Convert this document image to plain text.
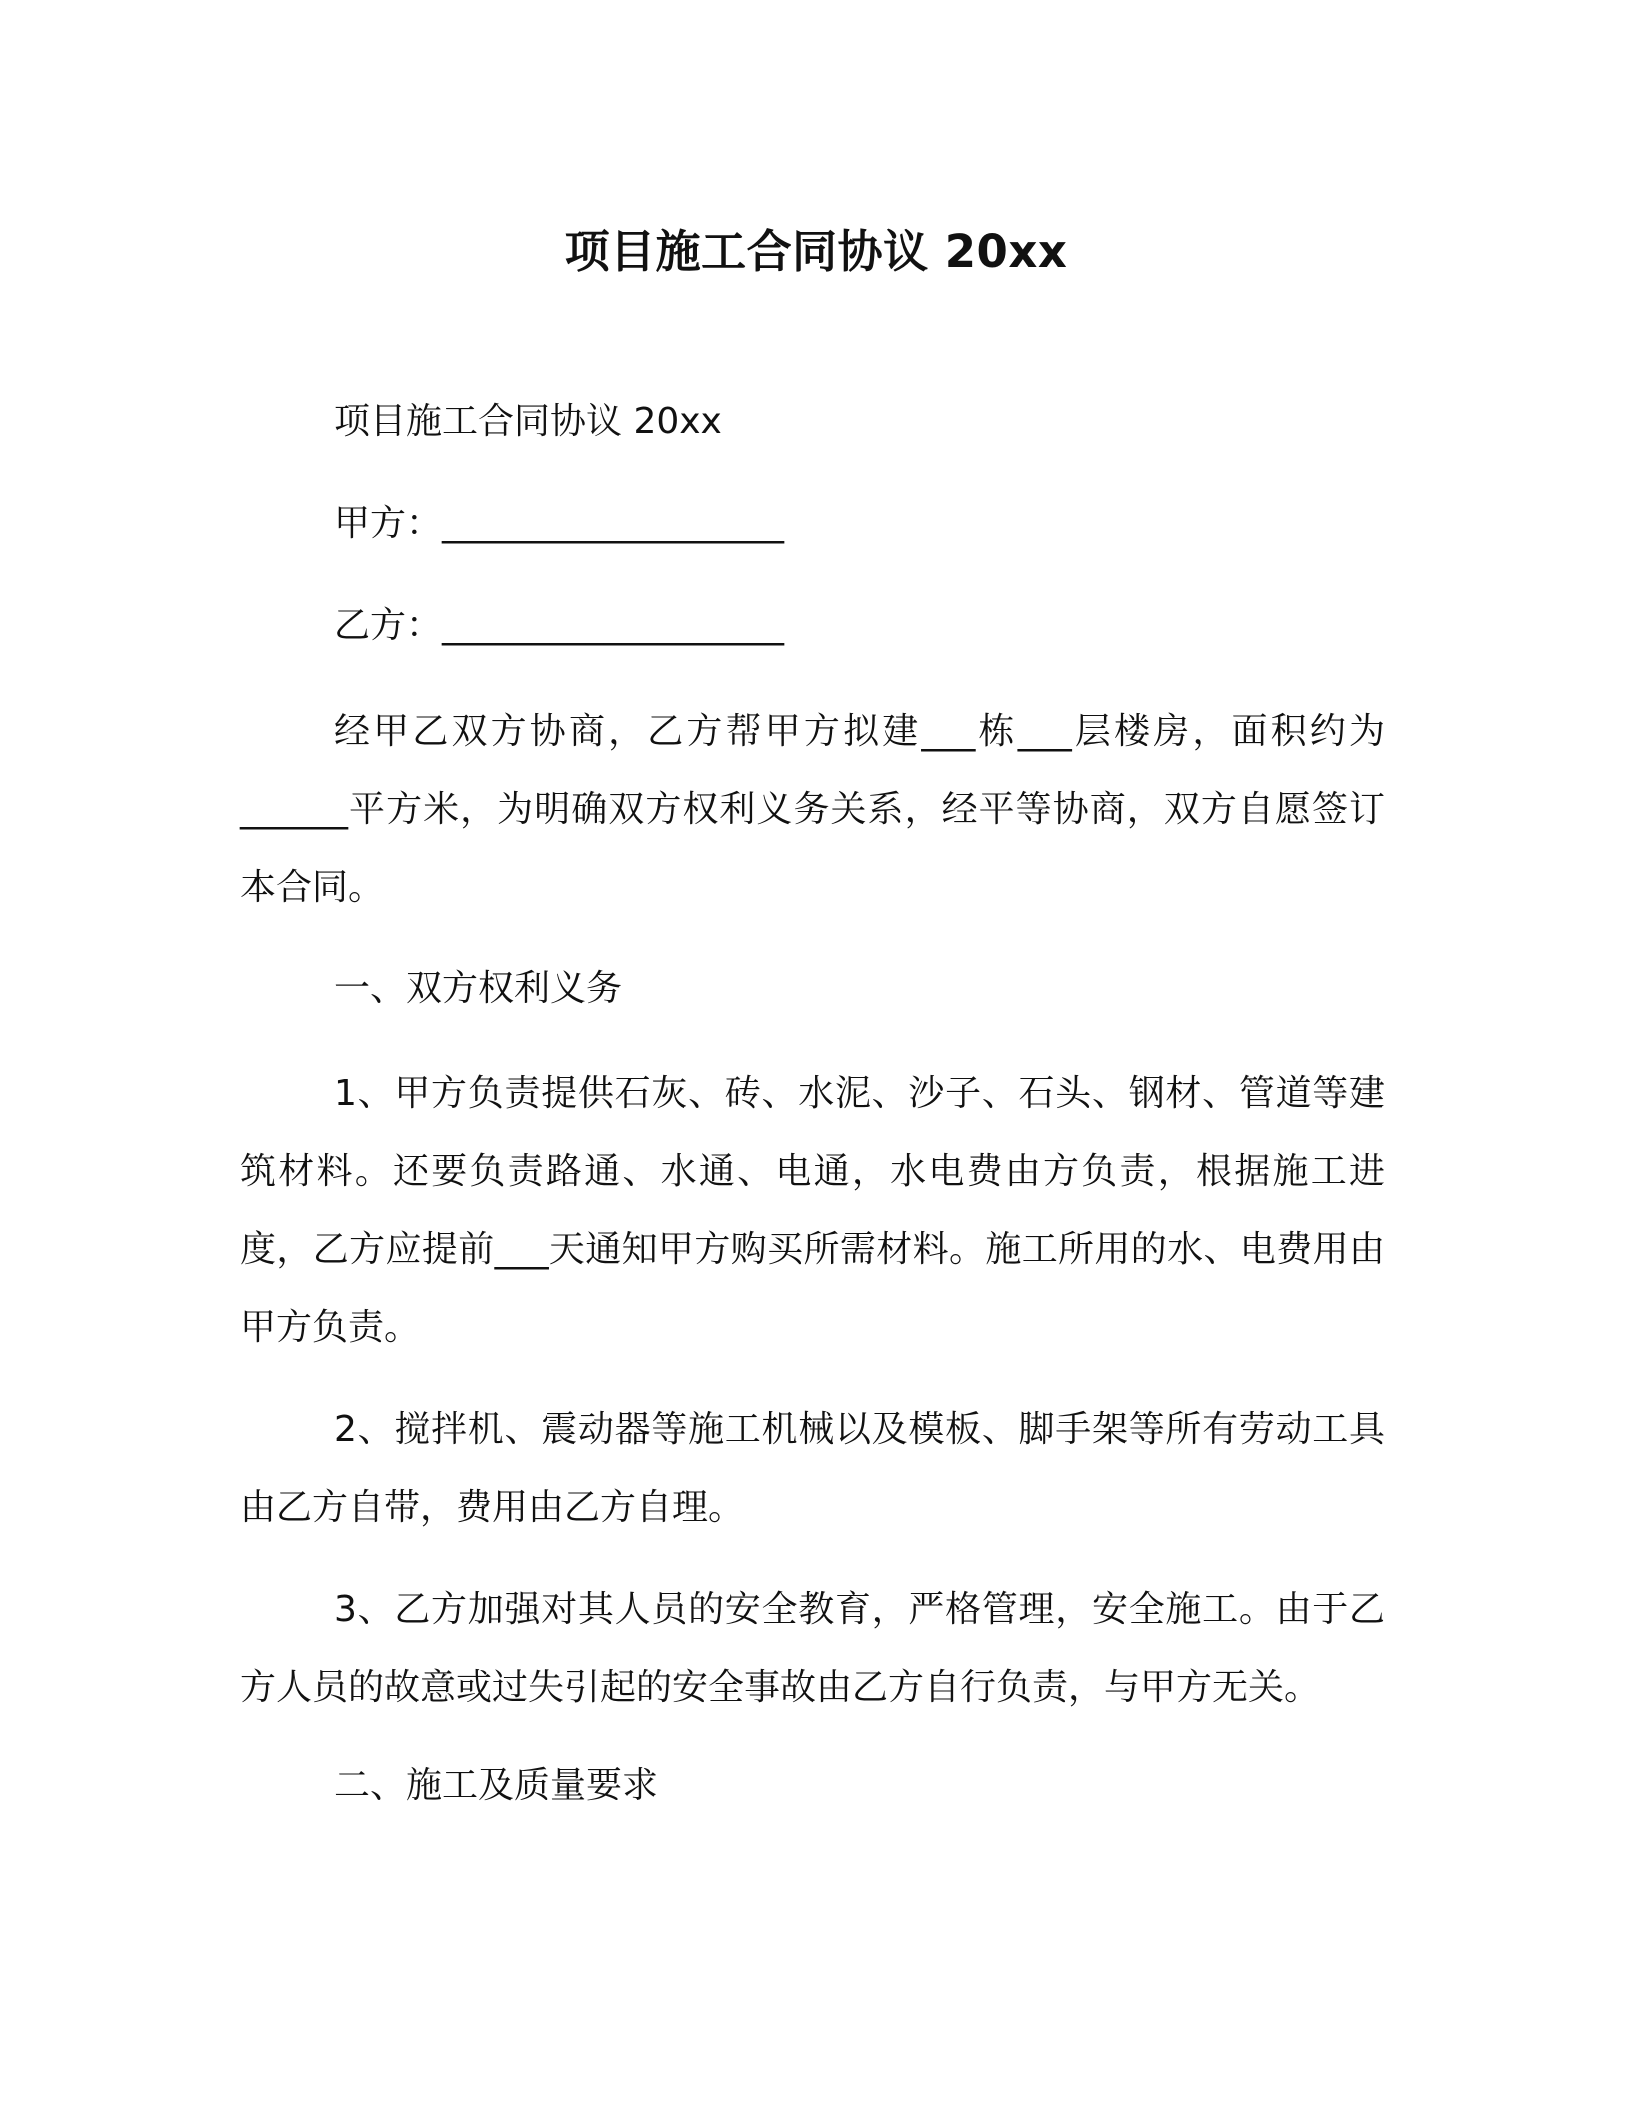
项目施工合同协议 20xx
项目施工合同协议 20xx
甲方：___________________
乙方：___________________

经甲乙双方协商，乙方帮甲方拟建___栋___层楼房，面积约为______平方米，为明确双方权利义务关系，经平等协商，双方自愿签订本合同。

一、双方权利义务

1、甲方负责提供石灰、砖、水泥、沙子、石头、钢材、管道等建筑材料。还要负责路通、水通、电通，水电费由方负责，根据施工进度，乙方应提前___天通知甲方购买所需材料。施工所用的水、电费用由甲方负责。

2、搅拌机、震动器等施工机械以及模板、脚手架等所有劳动工具由乙方自带，费用由乙方自理。

3、乙方加强对其人员的安全教育，严格管理，安全施工。由于乙方人员的故意或过失引起的安全事故由乙方自行负责，与甲方无关。

二、施工及质量要求
